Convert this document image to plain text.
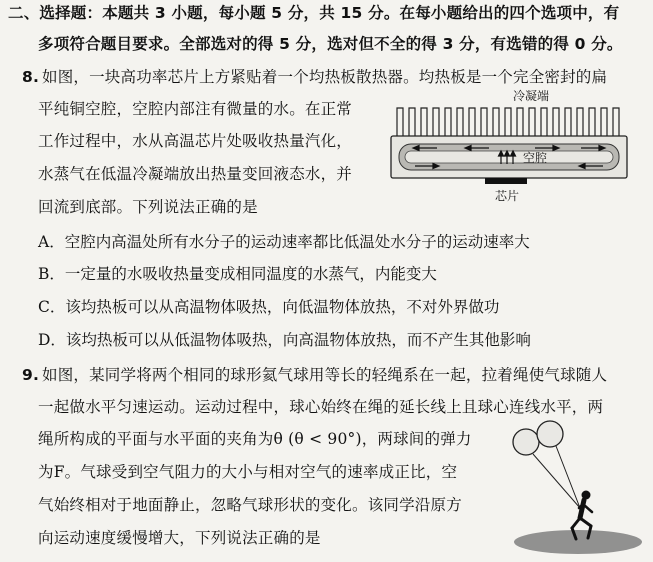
二、选择题：本题共 3 小题，每小题 5 分，共 15 分。在每小题给出的四个选项中，有
多项符合题目要求。全部选对的得 5 分，选对但不全的得 3 分，有选错的得 0 分。
8. 如图，一块高功率芯片上方紧贴着一个均热板散热器。均热板是一个完全密封的扁
平纯铜空腔，空腔内部注有微量的水。在正常
工作过程中，水从高温芯片处吸收热量汽化，
水蒸气在低温冷凝端放出热量变回液态水，并
回流到底部。下列说法正确的是
冷凝端
空腔
芯片
A．空腔内高温处所有水分子的运动速率都比低温处水分子的运动速率大
B．一定量的水吸收热量变成相同温度的水蒸气，内能变大
C．该均热板可以从高温物体吸热，向低温物体放热，不对外界做功
D．该均热板可以从低温物体吸热，向高温物体放热，而不产生其他影响
9. 如图，某同学将两个相同的球形氦气球用等长的轻绳系在一起，拉着绳使气球随人
一起做水平匀速运动。运动过程中，球心始终在绳的延长线上且球心连线水平，两
绳所构成的平面与水平面的夹角为θ (θ < 90°)，两球间的弹力
为F。气球受到空气阻力的大小与相对空气的速率成正比，空
气始终相对于地面静止，忽略气球形状的变化。该同学沿原方
向运动速度缓慢增大，下列说法正确的是
